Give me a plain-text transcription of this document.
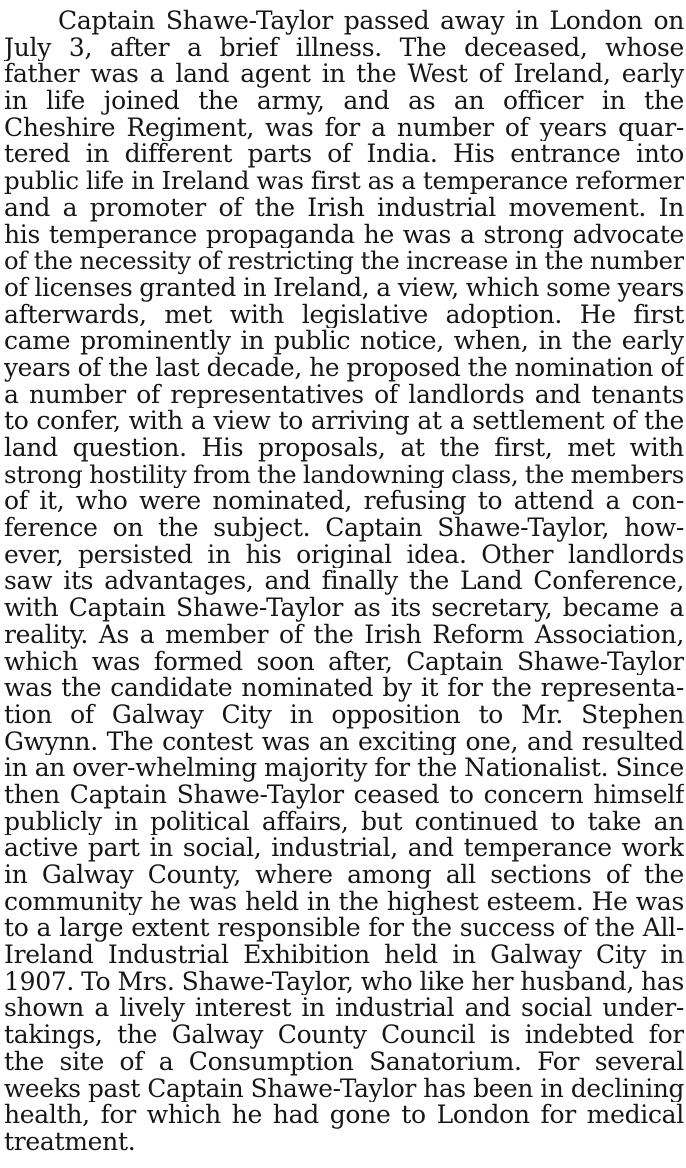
Captain Shawe-Taylor passed away in London on
July 3, after a brief illness. The deceased, whose
father was a land agent in the West of Ireland, early
in life joined the army, and as an officer in the
Cheshire Regiment, was for a number of years quar-
tered in different parts of India. His entrance into
public life in Ireland was first as a temperance reformer
and a promoter of the Irish industrial movement. In
his temperance propaganda he was a strong advocate
of the necessity of restricting the increase in the number
of licenses granted in Ireland, a view, which some years
afterwards, met with legislative adoption. He first
came prominently in public notice, when, in the early
years of the last decade, he proposed the nomination of
a number of representatives of landlords and tenants
to confer, with a view to arriving at a settlement of the
land question. His proposals, at the first, met with
strong hostility from the landowning class, the members
of it, who were nominated, refusing to attend a con-
ference on the subject. Captain Shawe-Taylor, how-
ever, persisted in his original idea. Other landlords
saw its advantages, and finally the Land Conference,
with Captain Shawe-Taylor as its secretary, became a
reality. As a member of the Irish Reform Association,
which was formed soon after, Captain Shawe-Taylor
was the candidate nominated by it for the representa-
tion of Galway City in opposition to Mr. Stephen
Gwynn. The contest was an exciting one, and resulted
in an over-whelming majority for the Nationalist. Since
then Captain Shawe-Taylor ceased to concern himself
publicly in political affairs, but continued to take an
active part in social, industrial, and temperance work
in Galway County, where among all sections of the
community he was held in the highest esteem. He was
to a large extent responsible for the success of the All-
Ireland Industrial Exhibition held in Galway City in
1907. To Mrs. Shawe-Taylor, who like her husband, has
shown a lively interest in industrial and social under-
takings, the Galway County Council is indebted for
the site of a Consumption Sanatorium. For several
weeks past Captain Shawe-Taylor has been in declining
health, for which he had gone to London for medical
treatment.
